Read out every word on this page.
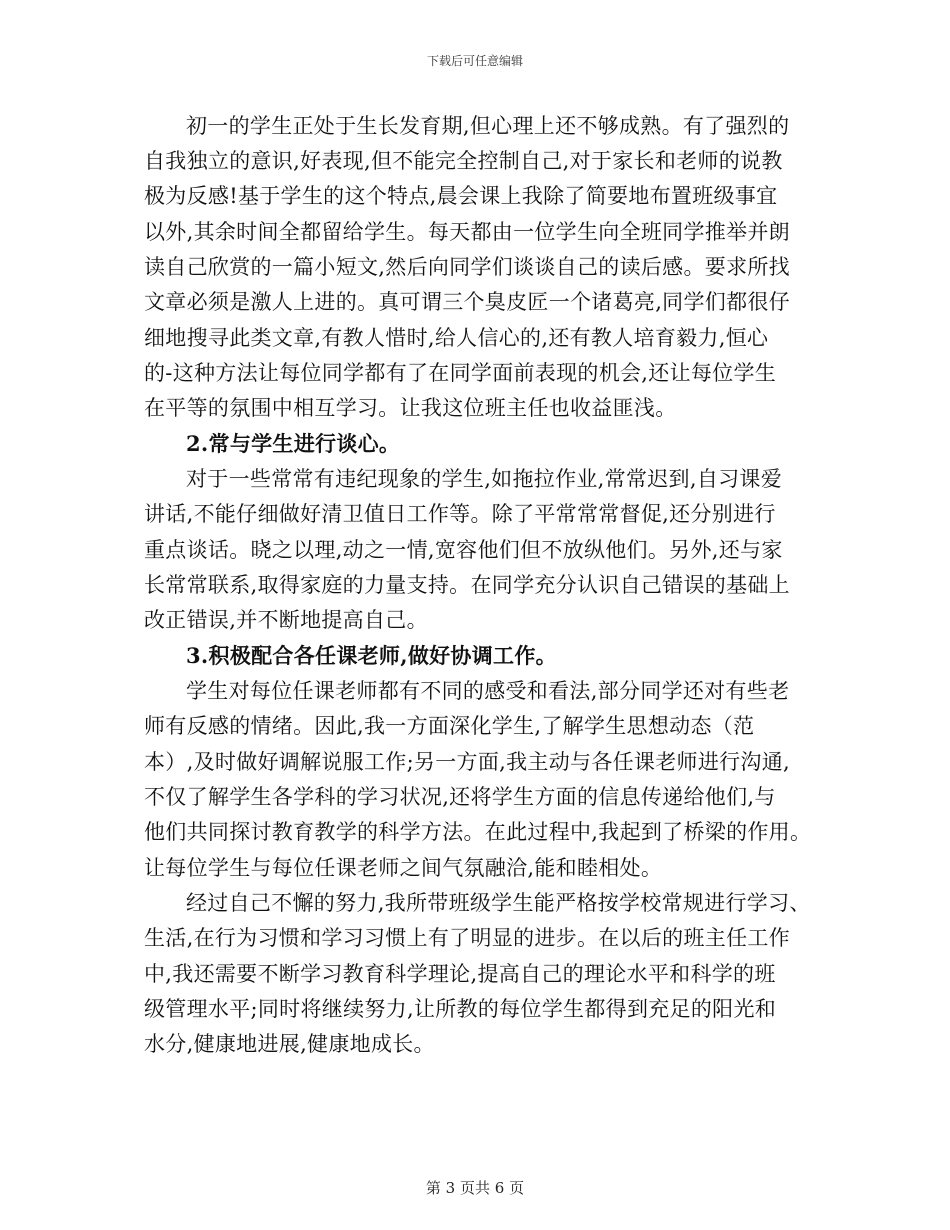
下载后可任意编辑
初一的学生正处于生长发育期,但心理上还不够成熟。有了强烈的
自我独立的意识,好表现,但不能完全控制自己,对于家长和老师的说教
极为反感!基于学生的这个特点,晨会课上我除了简要地布置班级事宜
以外,其余时间全都留给学生。每天都由一位学生向全班同学推举并朗
读自己欣赏的一篇小短文,然后向同学们谈谈自己的读后感。要求所找
文章必须是激人上进的。真可谓三个臭皮匠一个诸葛亮,同学们都很仔
细地搜寻此类文章,有教人惜时,给人信心的,还有教人培育毅力,恒心
的-这种方法让每位同学都有了在同学面前表现的机会,还让每位学生
在平等的氛围中相互学习。让我这位班主任也收益匪浅。
2.常与学生进行谈心。
对于一些常常有违纪现象的学生,如拖拉作业,常常迟到,自习课爱
讲话,不能仔细做好清卫值日工作等。除了平常常常督促,还分别进行
重点谈话。晓之以理,动之一情,宽容他们但不放纵他们。另外,还与家
长常常联系,取得家庭的力量支持。在同学充分认识自己错误的基础上
改正错误,并不断地提高自己。
3.积极配合各任课老师,做好协调工作。
学生对每位任课老师都有不同的感受和看法,部分同学还对有些老
师有反感的情绪。因此,我一方面深化学生,了解学生思想动态（范
本）,及时做好调解说服工作;另一方面,我主动与各任课老师进行沟通,
不仅了解学生各学科的学习状况,还将学生方面的信息传递给他们,与
他们共同探讨教育教学的科学方法。在此过程中,我起到了桥梁的作用。
让每位学生与每位任课老师之间气氛融洽,能和睦相处。
经过自己不懈的努力,我所带班级学生能严格按学校常规进行学习、
生活,在行为习惯和学习习惯上有了明显的进步。在以后的班主任工作
中,我还需要不断学习教育科学理论,提高自己的理论水平和科学的班
级管理水平;同时将继续努力,让所教的每位学生都得到充足的阳光和
水分,健康地进展,健康地成长。
第 3 页共 6 页
